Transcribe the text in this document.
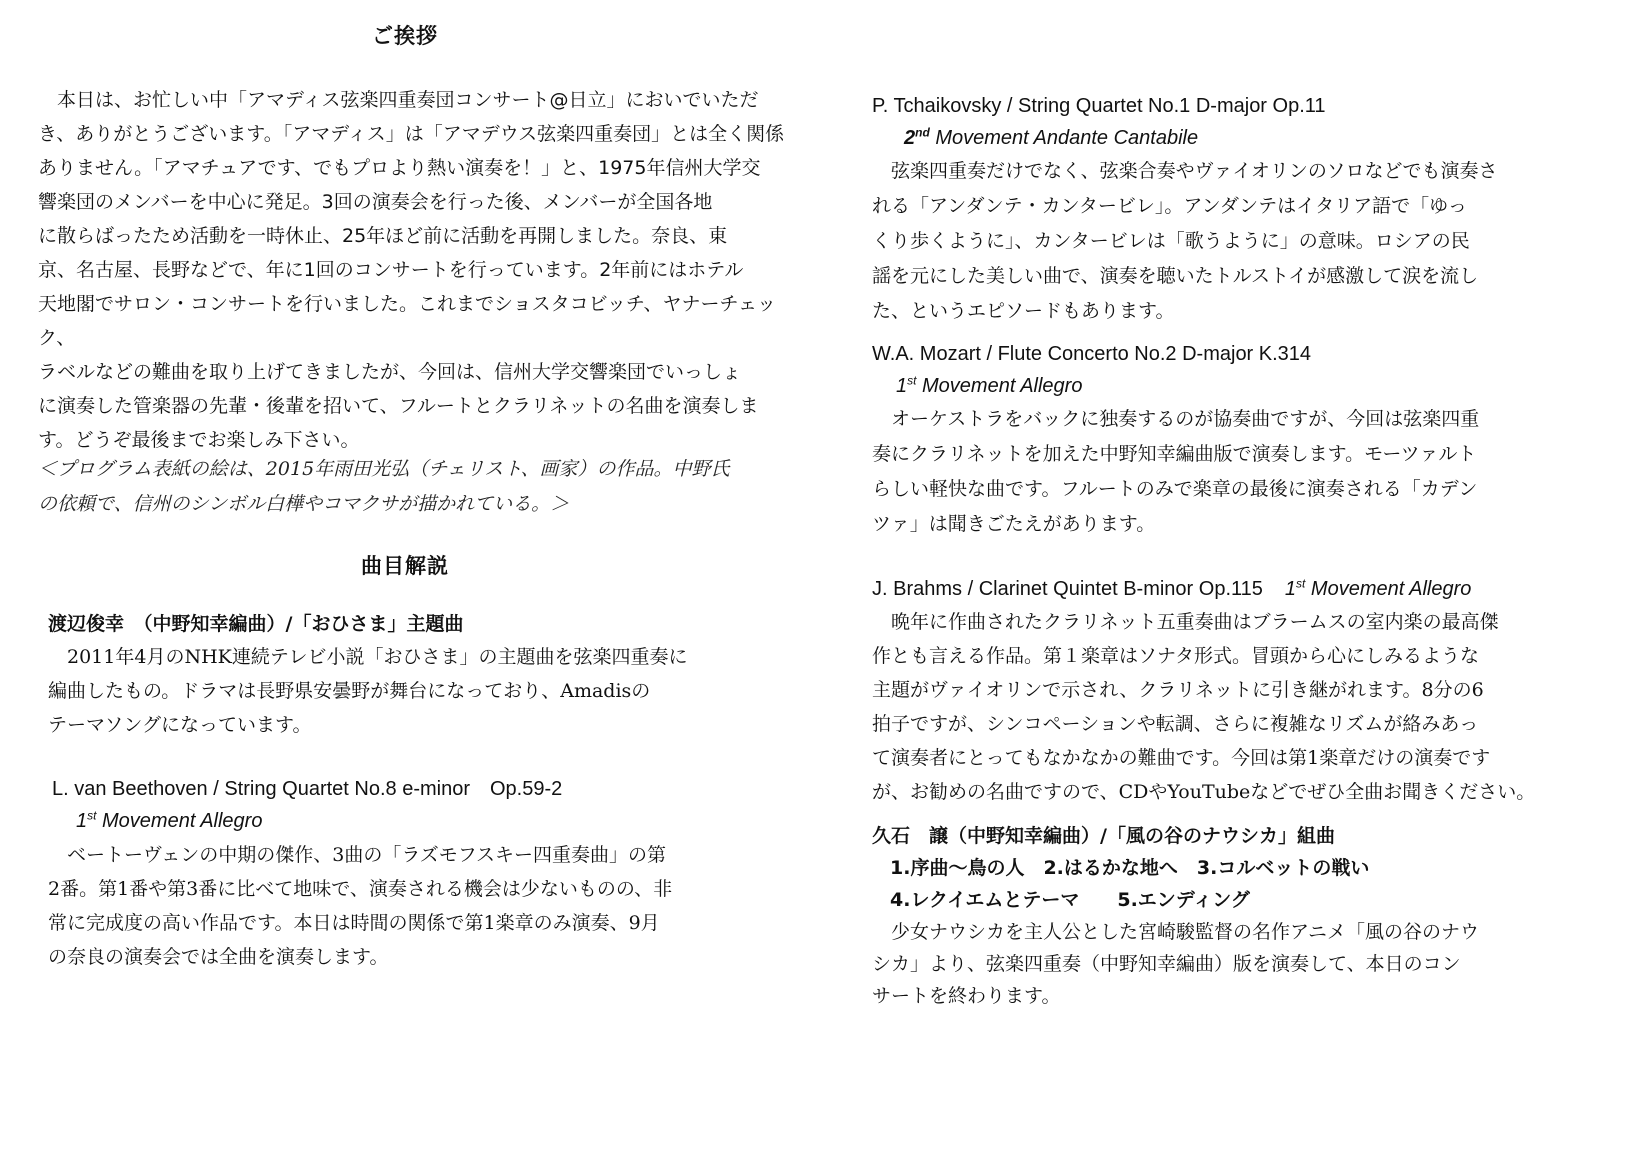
ご挨拶

　本日は、お忙しい中「アマディス弦楽四重奏団コンサート@日立」においでいただ

き、ありがとうございます。「アマディス」は「アマデウス弦楽四重奏団」とは全く関係

ありません。「アマチュアです、でもプロより熱い演奏を！」と、1975年信州大学交

響楽団のメンバーを中心に発足。3回の演奏会を行った後、メンバーが全国各地

に散らばったため活動を一時休止、25年ほど前に活動を再開しました。奈良、東

京、名古屋、長野などで、年に1回のコンサートを行っています。2年前にはホテル

天地閣でサロン・コンサートを行いました。これまでショスタコビッチ、ヤナーチェック、

ラベルなどの難曲を取り上げてきましたが、今回は、信州大学交響楽団でいっしょ

に演奏した管楽器の先輩・後輩を招いて、フルートとクラリネットの名曲を演奏しま

す。どうぞ最後までお楽しみ下さい。

＜プログラム表紙の絵は、2015年雨田光弘（チェリスト、画家）の作品。中野氏

の依頼で、信州のシンボル白樺やコマクサが描かれている。＞

曲目解説

渡辺俊幸　（中野知幸編曲）/「おひさま」主題曲

　2011年4月のNHK連続テレビ小説「おひさま」の主題曲を弦楽四重奏に

編曲したもの。ドラマは長野県安曇野が舞台になっており、Amadisの

テーマソングになっています。

L. van Beethoven / String Quartet No.8 e-minor　Op.59-2

1st Movement Allegro

　ベートーヴェンの中期の傑作、3曲の「ラズモフスキー四重奏曲」の第

2番。第1番や第3番に比べて地味で、演奏される機会は少ないものの、非

常に完成度の高い作品です。本日は時間の関係で第1楽章のみ演奏、9月

の奈良の演奏会では全曲を演奏します。

P. Tchaikovsky / String Quartet No.1 D-major Op.11

2nd Movement Andante Cantabile

　弦楽四重奏だけでなく、弦楽合奏やヴァイオリンのソロなどでも演奏さ

れる「アンダンテ・カンタービレ」。アンダンテはイタリア語で「ゆっ

くり歩くように」、カンタービレは「歌うように」の意味。ロシアの民

謡を元にした美しい曲で、演奏を聴いたトルストイが感激して涙を流し

た、というエピソードもあります。

W.A. Mozart / Flute Concerto No.2 D-major K.314

1st Movement Allegro

　オーケストラをバックに独奏するのが協奏曲ですが、今回は弦楽四重

奏にクラリネットを加えた中野知幸編曲版で演奏します。モーツァルト

らしい軽快な曲です。フルートのみで楽章の最後に演奏される「カデン

ツァ」は聞きごたえがあります。

J. Brahms / Clarinet Quintet B-minor Op.115 1st Movement Allegro

　晩年に作曲されたクラリネット五重奏曲はブラームスの室内楽の最高傑

作とも言える作品。第１楽章はソナタ形式。冒頭から心にしみるような

主題がヴァイオリンで示され、クラリネットに引き継がれます。8分の6

拍子ですが、シンコペーションや転調、さらに複雑なリズムが絡みあっ

て演奏者にとってもなかなかの難曲です。今回は第1楽章だけの演奏です

が、お勧めの名曲ですので、CDやYouTubeなどでぜひ全曲お聞きください。

久石　譲（中野知幸編曲）/「風の谷のナウシカ」組曲

1.序曲～鳥の人　2.はるかな地へ　3.コルベットの戦い

4.レクイエムとテーマ　　5.エンディング

　少女ナウシカを主人公とした宮崎駿監督の名作アニメ「風の谷のナウ

シカ」より、弦楽四重奏（中野知幸編曲）版を演奏して、本日のコン

サートを終わります。
